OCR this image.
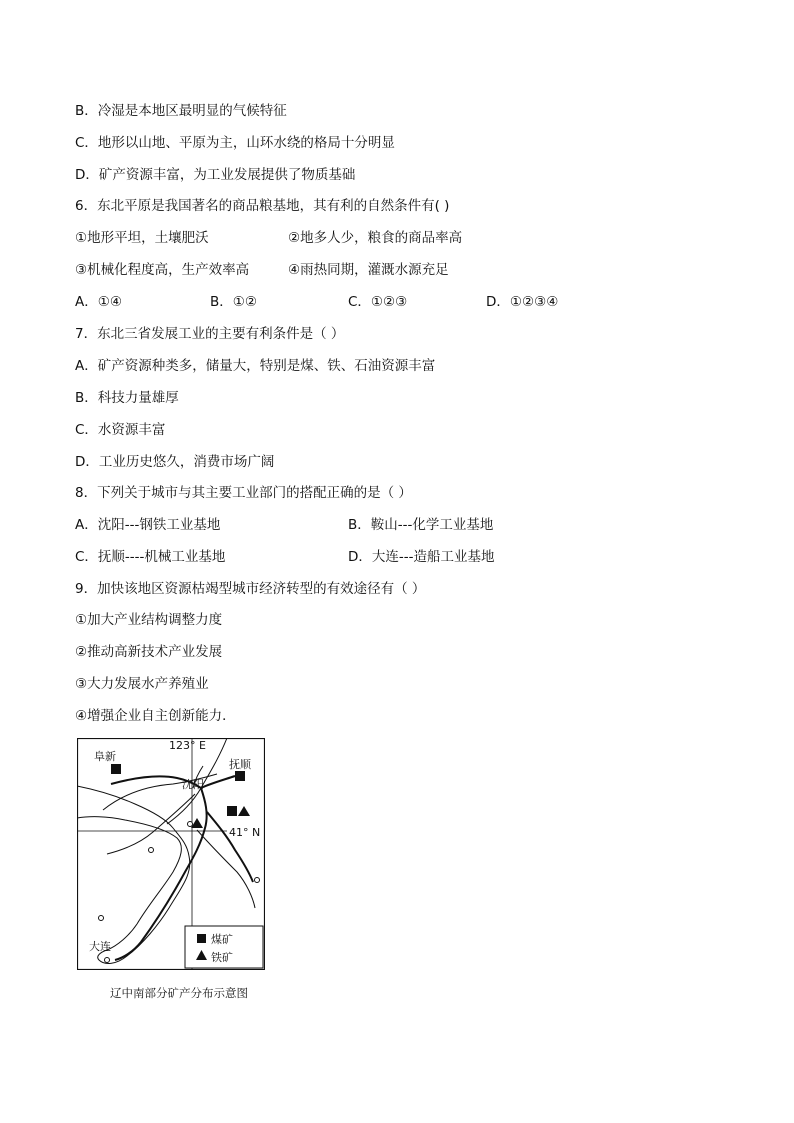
B．冷湿是本地区最明显的气候特征
C．地形以山地、平原为主，山环水绕的格局十分明显
D．矿产资源丰富，为工业发展提供了物质基础
6．东北平原是我国著名的商品粮基地，其有利的自然条件有( )
①地形平坦，土壤肥沃	②地多人少，粮食的商品率高
③机械化程度高，生产效率高	④雨热同期，灌溉水源充足
A．①④	B．①②	C．①②③	D．①②③④
7．东北三省发展工业的主要有利条件是（ ）
A．矿产资源种类多，储量大，特别是煤、铁、石油资源丰富
B．科技力量雄厚
C．水资源丰富
D．工业历史悠久，消费市场广阔
8．下列关于城市与其主要工业部门的搭配正确的是（ ）
A．沈阳---钢铁工业基地	B．鞍山---化学工业基地
C．抚顺----机械工业基地	D．大连---造船工业基地
9．加快该地区资源枯竭型城市经济转型的有效途径有（ ）
①加大产业结构调整力度
②推动高新技术产业发展
③大力发展水产养殖业
④增强企业自主创新能力．
阜新
123° E
抚顺
沈阳
41° N
大连
煤矿
铁矿
辽中南部分矿产分布示意图
